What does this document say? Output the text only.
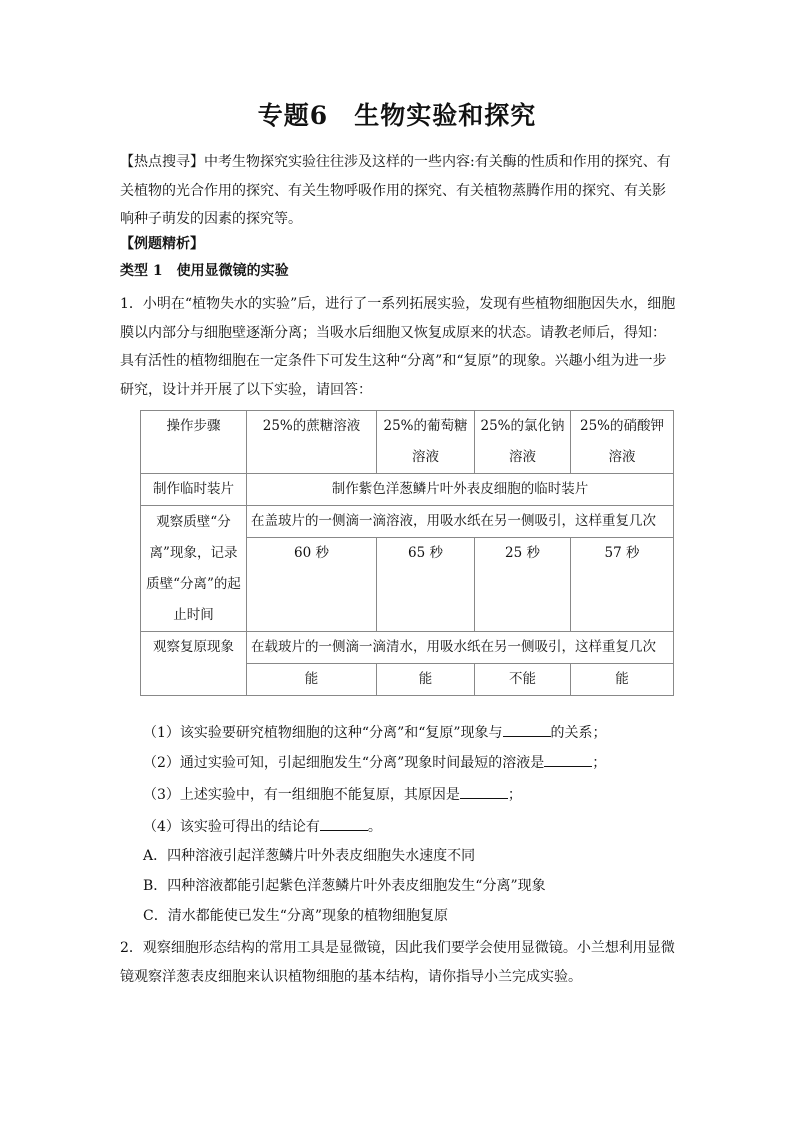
专题6　生物实验和探究
【热点搜寻】中考生物探究实验往往涉及这样的一些内容:有关酶的性质和作用的探究、有关植物的光合作用的探究、有关生物呼吸作用的探究、有关植物蒸腾作用的探究、有关影响种子萌发的因素的探究等。
【例题精析】
类型 1　使用显微镜的实验
1．小明在“植物失水的实验”后，进行了一系列拓展实验，发现有些植物细胞因失水，细胞膜以内部分与细胞壁逐渐分离；当吸水后细胞又恢复成原来的状态。请教老师后，得知：具有活性的植物细胞在一定条件下可发生这种“分离”和“复原”的现象。兴趣小组为进一步研究，设计并开展了以下实验，请回答：
操作步骤	25%的蔗糖溶液	25%的葡萄糖溶液	25%的氯化钠溶液	25%的硝酸钾溶液
制作临时装片	制作紫色洋葱鳞片叶外表皮细胞的临时装片			
观察质壁“分离”现象，记录质壁“分离”的起止时间	在盖玻片的一侧滴一滴溶液，用吸水纸在另一侧吸引，这样重复几次			
	60 秒	65 秒	25 秒	57 秒
观察复原现象	在载玻片的一侧滴一滴清水，用吸水纸在另一侧吸引，这样重复几次			
	能	能	不能	能
（1）该实验要研究植物细胞的这种“分离”和“复原”现象与	的关系；
（2）通过实验可知，引起细胞发生“分离”现象时间最短的溶液是	；
（3）上述实验中，有一组细胞不能复原，其原因是	；
（4）该实验可得出的结论有	。
A．四种溶液引起洋葱鳞片叶外表皮细胞失水速度不同
B．四种溶液都能引起紫色洋葱鳞片叶外表皮细胞发生“分离”现象
C．清水都能使已发生“分离”现象的植物细胞复原
2．观察细胞形态结构的常用工具是显微镜，因此我们要学会使用显微镜。小兰想利用显微镜观察洋葱表皮细胞来认识植物细胞的基本结构，请你指导小兰完成实验。
